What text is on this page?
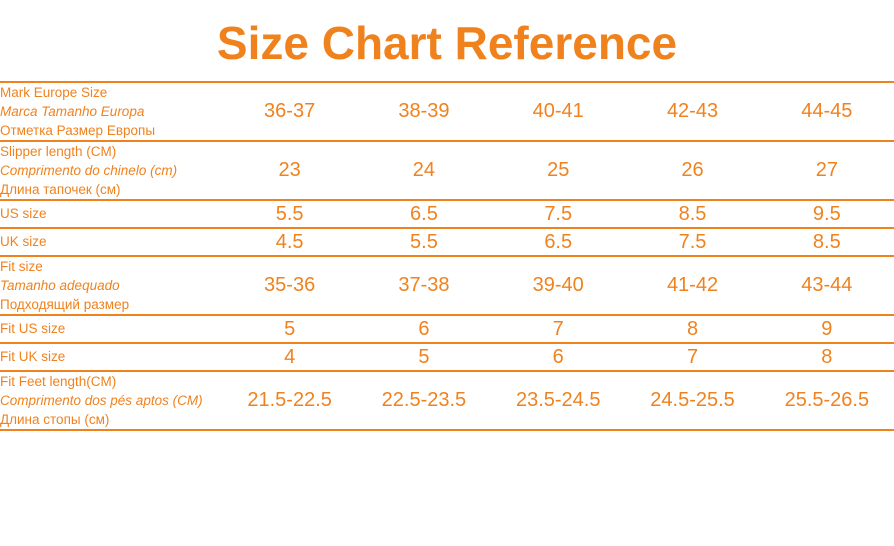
Size Chart Reference
Mark Europe Size
Marca Tamanho Europa
Отметка Размер Европы	36-37	38-39	40-41	42-43	44-45

Slipper length (CM)
Comprimento do chinelo (cm)
Длина тапочек (см)	23	24	25	26	27

US size	5.5	6.5	7.5	8.5	9.5

UK size	4.5	5.5	6.5	7.5	8.5

Fit size
Tamanho adequado
Подходящий размер	35-36	37-38	39-40	41-42	43-44

Fit US size	5	6	7	8	9

Fit UK size	4	5	6	7	8

Fit Feet length(CM)
Comprimento dos pés aptos (CM)
Длина стопы (см)	21.5-22.5	22.5-23.5	23.5-24.5	24.5-25.5	25.5-26.5
